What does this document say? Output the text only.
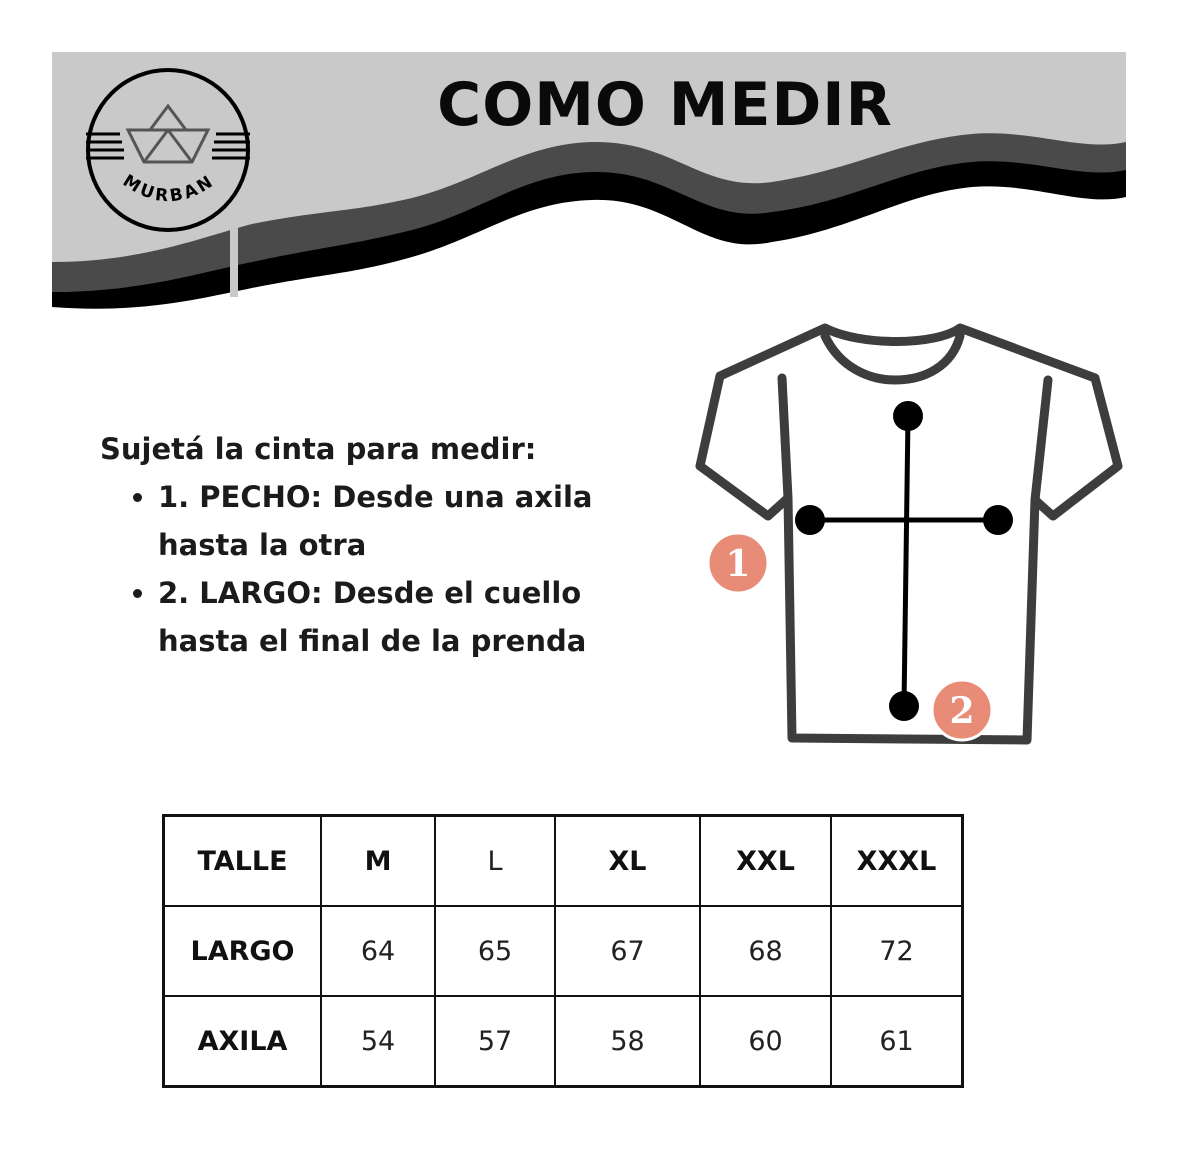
MURBAN
COMO MEDIR
Sujetá la cinta para medir:
• 1. PECHO: Desde una axila hasta la otra
• 2. LARGO: Desde el cuello hasta el final de la prenda
1
2
TALLE	M	L	XL	XXL	XXXL
LARGO	64	65	67	68	72
AXILA	54	57	58	60	61
